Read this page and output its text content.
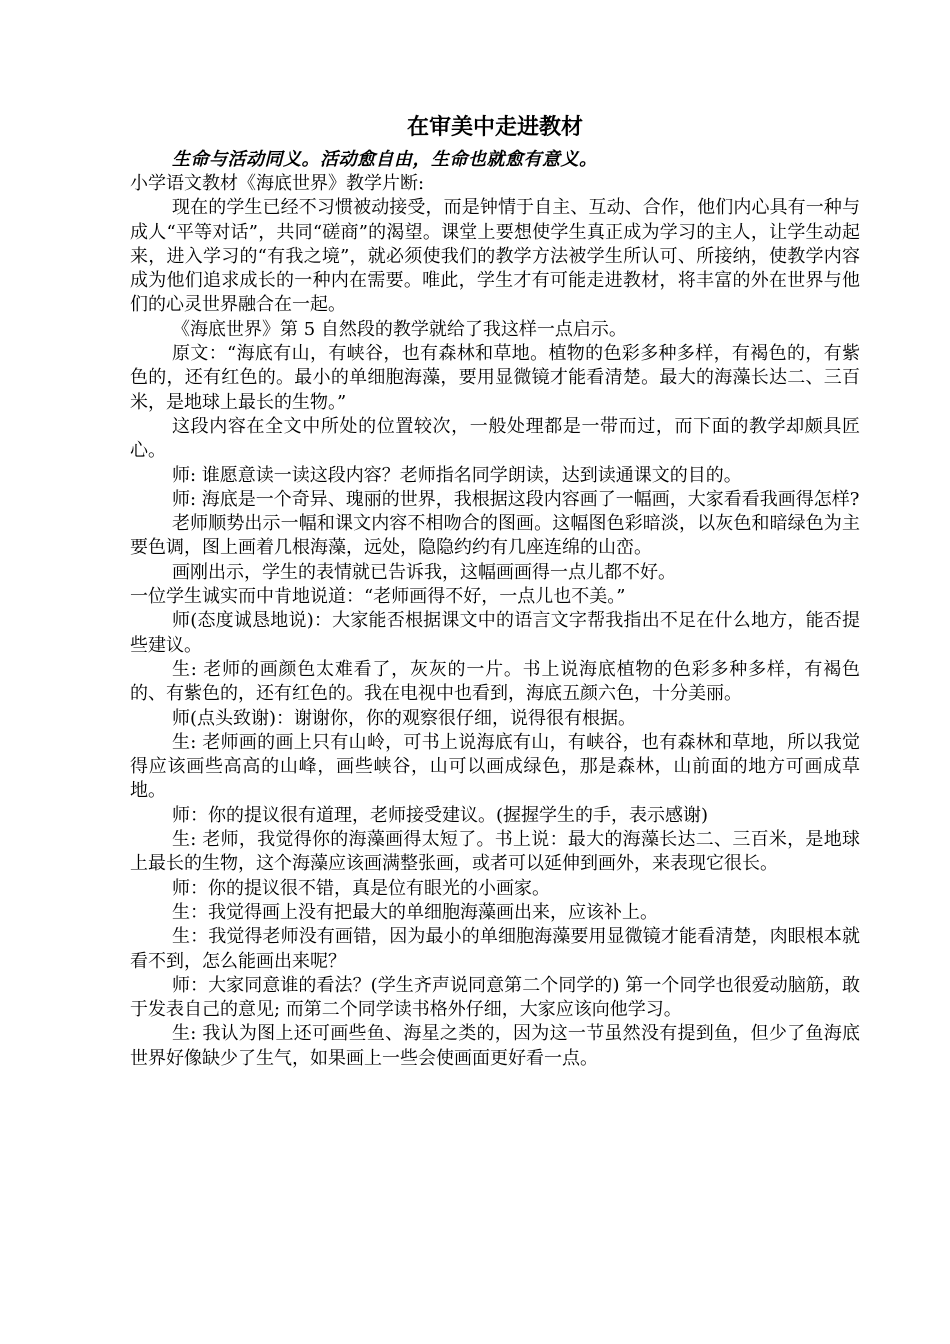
在审美中走进教材

生命与活动同义。活动愈自由，生命也就愈有意义。

小学语文教材《海底世界》教学片断:

现在的学生已经不习惯被动接受，而是钟情于自主、互动、合作，他们内心具有一种与成人“平等对话”，共同“磋商”的渴望。课堂上要想使学生真正成为学习的主人，让学生动起来，进入学习的“有我之境”，就必须使我们的教学方法被学生所认可、所接纳，使教学内容成为他们追求成长的一种内在需要。唯此，学生才有可能走进教材，将丰富的外在世界与他们的心灵世界融合在一起。

《海底世界》第 5 自然段的教学就给了我这样一点启示。

原文：“海底有山，有峡谷，也有森林和草地。植物的色彩多种多样，有褐色的，有紫色的，还有红色的。最小的单细胞海藻，要用显微镜才能看清楚。最大的海藻长达二、三百米，是地球上最长的生物。”

这段内容在全文中所处的位置较次，一般处理都是一带而过，而下面的教学却颇具匠心。

师: 谁愿意读一读这段内容？老师指名同学朗读，达到读通课文的目的。

师: 海底是一个奇异、瑰丽的世界，我根据这段内容画了一幅画，大家看看我画得怎样?

老师顺势出示一幅和课文内容不相吻合的图画。这幅图色彩暗淡，以灰色和暗绿色为主要色调，图上画着几根海藻，远处，隐隐约约有几座连绵的山峦。

画刚出示，学生的表情就已告诉我，这幅画画得一点儿都不好。

一位学生诚实而中肯地说道：“老师画得不好，一点儿也不美。”

师(态度诚恳地说)：大家能否根据课文中的语言文字帮我指出不足在什么地方，能否提些建议。

生: 老师的画颜色太难看了，灰灰的一片。书上说海底植物的色彩多种多样，有褐色的、有紫色的，还有红色的。我在电视中也看到，海底五颜六色，十分美丽。

师(点头致谢)：谢谢你，你的观察很仔细，说得很有根据。

生: 老师画的画上只有山岭，可书上说海底有山，有峡谷，也有森林和草地，所以我觉得应该画些高高的山峰，画些峡谷，山可以画成绿色，那是森林，山前面的地方可画成草地。

师：你的提议很有道理，老师接受建议。(握握学生的手，表示感谢)

生: 老师，我觉得你的海藻画得太短了。书上说：最大的海藻长达二、三百米，是地球上最长的生物，这个海藻应该画满整张画，或者可以延伸到画外，来表现它很长。

师：你的提议很不错，真是位有眼光的小画家。

生：我觉得画上没有把最大的单细胞海藻画出来，应该补上。

生：我觉得老师没有画错，因为最小的单细胞海藻要用显微镜才能看清楚，肉眼根本就看不到，怎么能画出来呢？

师：大家同意谁的看法？(学生齐声说同意第二个同学的) 第一个同学也很爱动脑筋，敢于发表自己的意见; 而第二个同学读书格外仔细，大家应该向他学习。

生: 我认为图上还可画些鱼、海星之类的，因为这一节虽然没有提到鱼，但少了鱼海底世界好像缺少了生气，如果画上一些会使画面更好看一点。
